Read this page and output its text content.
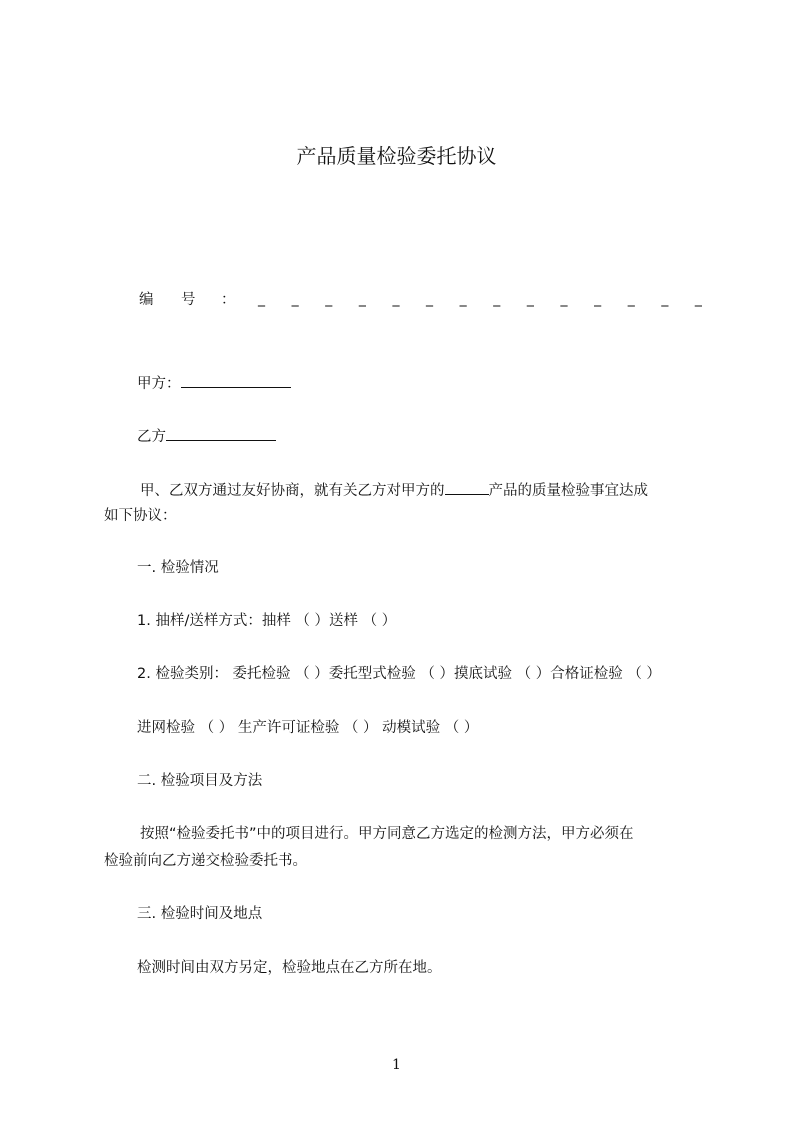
产品质量检验委托协议
编 号 ： _ _ _ _ _ _ _ _ _ _ _ _ _ _
甲方：
乙方
甲、乙双方通过友好协商，就有关乙方对甲方的	产品的质量检验事宜达成
如下协议：
一. 检验情况
1. 抽样/送样方式：抽样 （ ）送样 （ ）
2. 检验类别： 委托检验 （ ）委托型式检验 （ ）摸底试验 （ ）合格证检验 （ ）
进网检验 （ ） 生产许可证检验 （ ） 动模试验 （ ）
二. 检验项目及方法
按照“检验委托书”中的项目进行。甲方同意乙方选定的检测方法，甲方必须在
检验前向乙方递交检验委托书。
三. 检验时间及地点
检测时间由双方另定，检验地点在乙方所在地。
1
